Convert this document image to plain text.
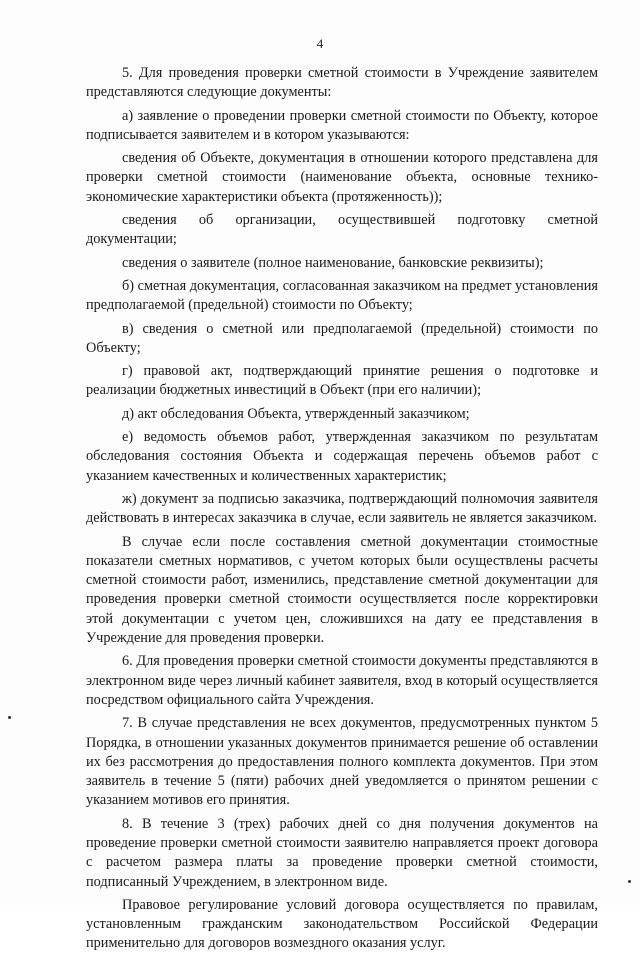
4

5. Для проведения проверки сметной стоимости в Учреждение заявителем представляются следующие документы:

а) заявление о проведении проверки сметной стоимости по Объекту, которое подписывается заявителем и в котором указываются:

сведения об Объекте, документация в отношении которого представлена для проверки сметной стоимости (наименование объекта, основные технико-экономические характеристики объекта (протяженность));

сведения об организации, осуществившей подготовку сметной документации;

сведения о заявителе (полное наименование, банковские реквизиты);

б) сметная документация, согласованная заказчиком на предмет установления предполагаемой (предельной) стоимости по Объекту;

в) сведения о сметной или предполагаемой (предельной) стоимости по Объекту;

г) правовой акт, подтверждающий принятие решения о подготовке и реализации бюджетных инвестиций в Объект (при его наличии);

д) акт обследования Объекта, утвержденный заказчиком;

е) ведомость объемов работ, утвержденная заказчиком по результатам обследования состояния Объекта и содержащая перечень объемов работ с указанием качественных и количественных характеристик;

ж) документ за подписью заказчика, подтверждающий полномочия заявителя действовать в интересах заказчика в случае, если заявитель не является заказчиком.

В случае если после составления сметной документации стоимостные показатели сметных нормативов, с учетом которых были осуществлены расчеты сметной стоимости работ, изменились, представление сметной документации для проведения проверки сметной стоимости осуществляется после корректировки этой документации с учетом цен, сложившихся на дату ее представления в Учреждение для проведения проверки.

6. Для проведения проверки сметной стоимости документы представляются в электронном виде через личный кабинет заявителя, вход в который осуществляется посредством официального сайта Учреждения.

7. В случае представления не всех документов, предусмотренных пунктом 5 Порядка, в отношении указанных документов принимается решение об оставлении их без рассмотрения до предоставления полного комплекта документов. При этом заявитель в течение 5 (пяти) рабочих дней уведомляется о принятом решении с указанием мотивов его принятия.

8. В течение 3 (трех) рабочих дней со дня получения документов на проведение проверки сметной стоимости заявителю направляется проект договора с расчетом размера платы за проведение проверки сметной стоимости, подписанный Учреждением, в электронном виде.

Правовое регулирование условий договора осуществляется по правилам, установленным гражданским законодательством Российской Федерации применительно для договоров возмездного оказания услуг.
